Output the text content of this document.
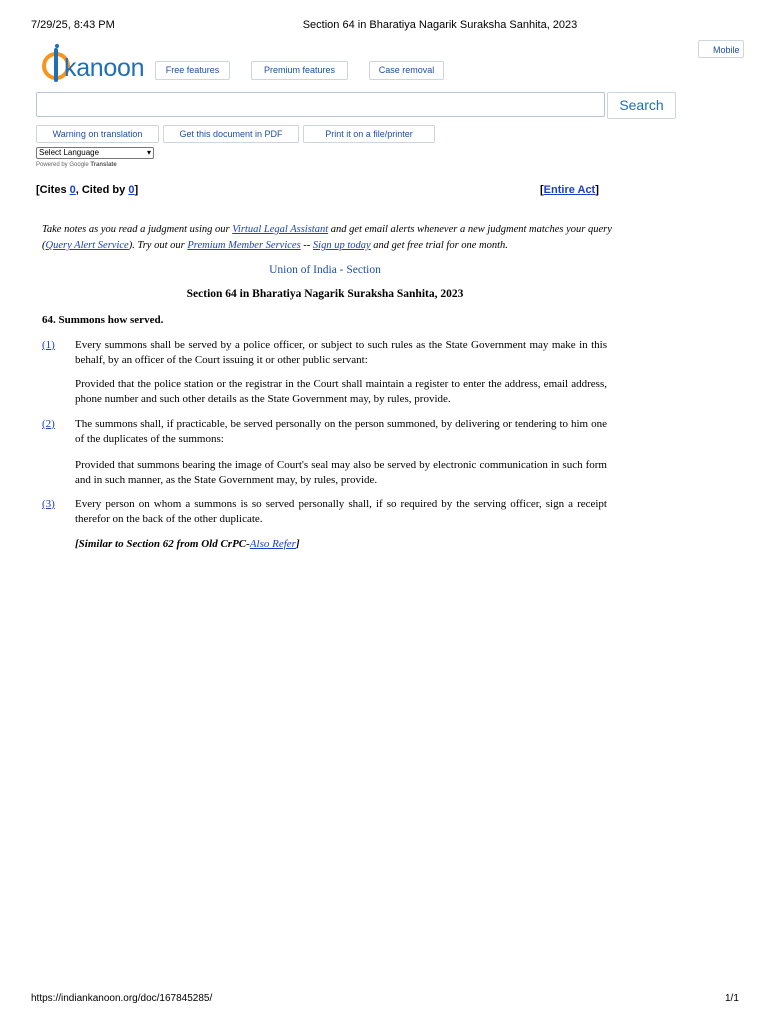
7/29/25, 8:43 PM	Section 64 in Bharatiya Nagarik Suraksha Sanhita, 2023
https://indiankanoon.org/doc/167845285/	1/1
kanoon	Free features	Premium features	Case removal
Mobile
Search
Warning on translation	Get this document in PDF	Print it on a file/printer
Select Language	▾
Powered by Google Translate
[Cites 0, Cited by 0]	[Entire Act]
Take notes as you read a judgment using our Virtual Legal Assistant and get email alerts whenever a new judgment matches your query (Query Alert Service). Try out our Premium Member Services -- Sign up today and get free trial for one month.
Union of India - Section
Section 64 in Bharatiya Nagarik Suraksha Sanhita, 2023
64. Summons how served.
(1) Every summons shall be served by a police officer, or subject to such rules as the State Government may make in this behalf, by an officer of the Court issuing it or other public servant:
Provided that the police station or the registrar in the Court shall maintain a register to enter the address, email address, phone number and such other details as the State Government may, by rules, provide.
(2) The summons shall, if practicable, be served personally on the person summoned, by delivering or tendering to him one of the duplicates of the summons:
Provided that summons bearing the image of Court's seal may also be served by electronic communication in such form and in such manner, as the State Government may, by rules, provide.
(3) Every person on whom a summons is so served personally shall, if so required by the serving officer, sign a receipt therefor on the back of the other duplicate.
[Similar to Section 62 from Old CrPC-Also Refer]
